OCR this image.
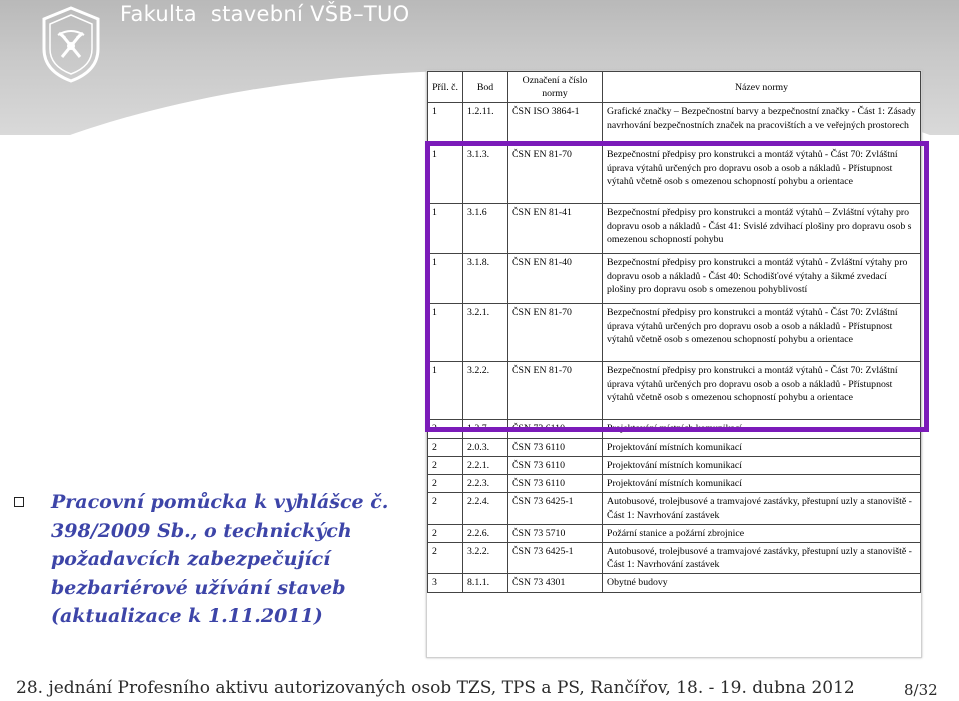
Fakulta  stavební VŠB–TUO
Příl. č.	Bod	Označení a číslo normy	Název normy
1	1.2.11.	ČSN ISO 3864-1	Grafické značky – Bezpečnostní barvy a bezpečnostní značky - Část 1: Zásady navrhování bezpečnostních značek na pracovištích a ve veřejných prostorech

1	3.1.3.	ČSN EN 81-70	Bezpečnostní předpisy pro konstrukci a montáž výtahů - Část 70: Zvláštní úprava výtahů určených pro dopravu osob a osob a nákladů - Přístupnost výtahů včetně osob s omezenou schopností pohybu a orientace
1	3.1.6	ČSN EN 81-41	Bezpečnostní předpisy pro konstrukci a montáž výtahů – Zvláštní výtahy pro dopravu osob a nákladů - Část 41: Svislé zdvihací plošiny pro dopravu osob s omezenou schopností pohybu
1	3.1.8.	ČSN EN 81-40	Bezpečnostní předpisy pro konstrukci a montáž výtahů - Zvláštní výtahy pro dopravu osob a nákladů - Část 40: Schodišťové výtahy a šikmé zvedací plošiny pro dopravu osob s omezenou pohyblivostí
1	3.2.1.	ČSN EN 81-70	Bezpečnostní předpisy pro konstrukci a montáž výtahů - Část 70: Zvláštní úprava výtahů určených pro dopravu osob a osob a nákladů - Přístupnost výtahů včetně osob s omezenou schopností pohybu a orientace
1	3.2.2.	ČSN EN 81-70	Bezpečnostní předpisy pro konstrukci a montáž výtahů - Část 70: Zvláštní úprava výtahů určených pro dopravu osob a osob a nákladů - Přístupnost výtahů včetně osob s omezenou schopností pohybu a orientace
2	1.2.7.	ČSN 73 6110	Projektování místních komunikací
2	2.0.3.	ČSN 73 6110	Projektování místních komunikací
2	2.2.1.	ČSN 73 6110	Projektování místních komunikací
2	2.2.3.	ČSN 73 6110	Projektování místních komunikací
2	2.2.4.	ČSN 73 6425-1	Autobusové, trolejbusové a tramvajové zastávky, přestupní uzly a stanoviště - Část 1: Navrhování zastávek
2	2.2.6.	ČSN 73 5710	Požární stanice a požární zbrojnice
2	3.2.2.	ČSN 73 6425-1	Autobusové, trolejbusové a tramvajové zastávky, přestupní uzly a stanoviště - Část 1: Navrhování zastávek
3	8.1.1.	ČSN 73 4301	Obytné budovy
Pracovní pomůcka k vyhlášce č. 398/2009 Sb., o technických požadavcích zabezpečující bezbariérové užívání staveb (aktualizace k 1.11.2011)
28. jednání Profesního aktivu autorizovaných osob TZS, TPS a PS, Rančířov, 18. - 19. dubna 2012	8/32
